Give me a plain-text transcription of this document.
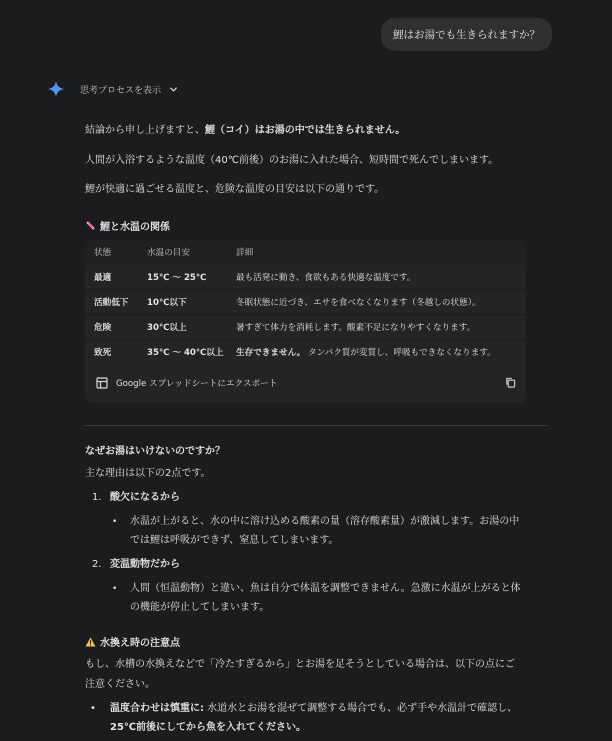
鯉はお湯でも生きられますか？
思考プロセスを表示
結論から申し上げますと、鯉（コイ）はお湯の中では生きられません。
人間が入浴するような温度（40℃前後）のお湯に入れた場合、短時間で死んでしまいます。
鯉が快適に過ごせる温度と、危険な温度の目安は以下の通りです。
鯉と水温の関係
状態	水温の目安	詳細
最適	15℃ 〜 25℃	最も活発に動き、食欲もある快適な温度です。
活動低下	10℃以下	冬眠状態に近づき、エサを食べなくなります（冬越しの状態）。
危険	30℃以上	暑すぎて体力を消耗します。酸素不足になりやすくなります。
致死	35℃ 〜 40℃以上	生存できません。 タンパク質が変質し、呼吸もできなくなります。
Google スプレッドシートにエクスポート
なぜお湯はいけないのですか？
主な理由は以下の2点です。
1. 酸欠になるから
• 水温が上がると、水の中に溶け込める酸素の量（溶存酸素量）が激減します。お湯の中
では鯉は呼吸ができず、窒息してしまいます。
2. 変温動物だから
• 人間（恒温動物）と違い、魚は自分で体温を調整できません。急激に水温が上がると体
の機能が停止してしまいます。
水換え時の注意点
もし、水槽の水換えなどで「冷たすぎるから」とお湯を足そうとしている場合は、以下の点にご
注意ください。
• 温度合わせは慎重に: 水道水とお湯を混ぜて調整する場合でも、必ず手や水温計で確認し、
25℃前後にしてから魚を入れてください。
